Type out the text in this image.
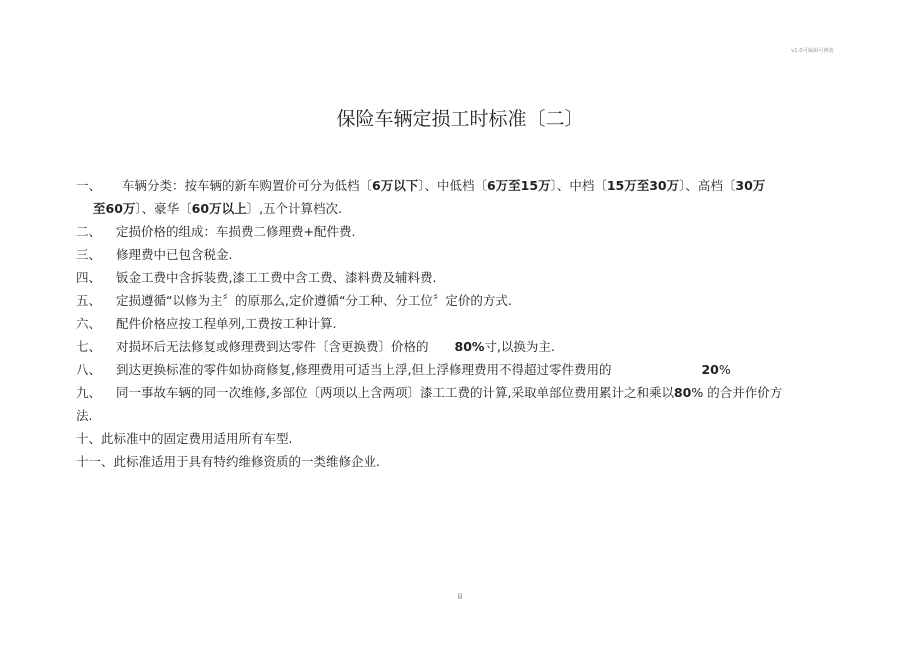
v1.0可编辑可修改
保险车辆定损工时标准〔二〕
一、 车辆分类：按车辆的新车购置价可分为低档〔6万以下〕、中低档〔6万至15万〕、中档〔15万至30万〕、高档〔30万
至60万〕、豪华〔60万以上〕,五个计算档次.
二、 定损价格的组成：车损费二修理费+配件费.
三、 修理费中已包含税金.
四、 钣金工费中含拆装费,漆工工费中含工费、漆料费及辅料费.
五、 定损遵循“以修为主〞的原那么,定价遵循“分工种、分工位〞定价的方式.
六、 配件价格应按工程单列,工费按工种计算.
七、 对损坏后无法修复或修理费到达零件〔含更换费〕价格的 80%寸,以换为主.
八、 到达更换标准的零件如协商修复,修理费用可适当上浮,但上浮修理费用不得超过零件费用的	20%
九、 同一事故车辆的同一次维修,多部位〔两项以上含两项〕漆工工费的计算,采取单部位费用累计之和乘以80% 的合并作价方
法.
十、此标准中的固定费用适用所有车型.
十一、此标准适用于具有特约维修资质的一类维修企业.
ii
